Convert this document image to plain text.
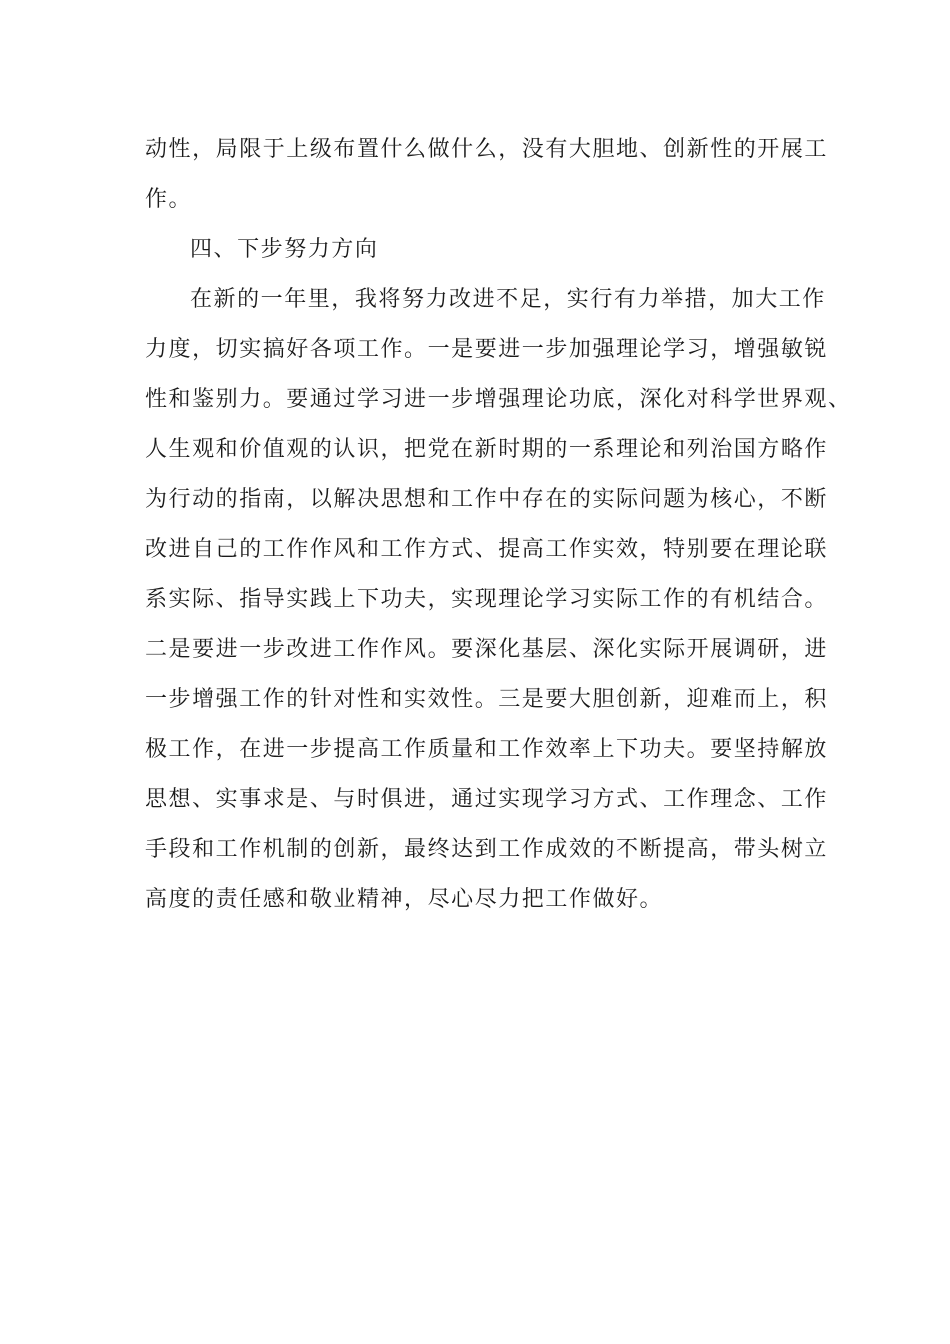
动性，局限于上级布置什么做什么，没有大胆地、创新性的开展工
作。
四、下步努力方向
在新的一年里，我将努力改进不足，实行有力举措，加大工作
力度，切实搞好各项工作。一是要进一步加强理论学习，增强敏锐
性和鉴别力。要通过学习进一步增强理论功底，深化对科学世界观、
人生观和价值观的认识，把党在新时期的一系理论和列治国方略作
为行动的指南，以解决思想和工作中存在的实际问题为核心，不断
改进自己的工作作风和工作方式、提高工作实效，特别要在理论联
系实际、指导实践上下功夫，实现理论学习实际工作的有机结合。
二是要进一步改进工作作风。要深化基层、深化实际开展调研，进
一步增强工作的针对性和实效性。三是要大胆创新，迎难而上，积
极工作，在进一步提高工作质量和工作效率上下功夫。要坚持解放
思想、实事求是、与时俱进，通过实现学习方式、工作理念、工作
手段和工作机制的创新，最终达到工作成效的不断提高，带头树立
高度的责任感和敬业精神，尽心尽力把工作做好。
